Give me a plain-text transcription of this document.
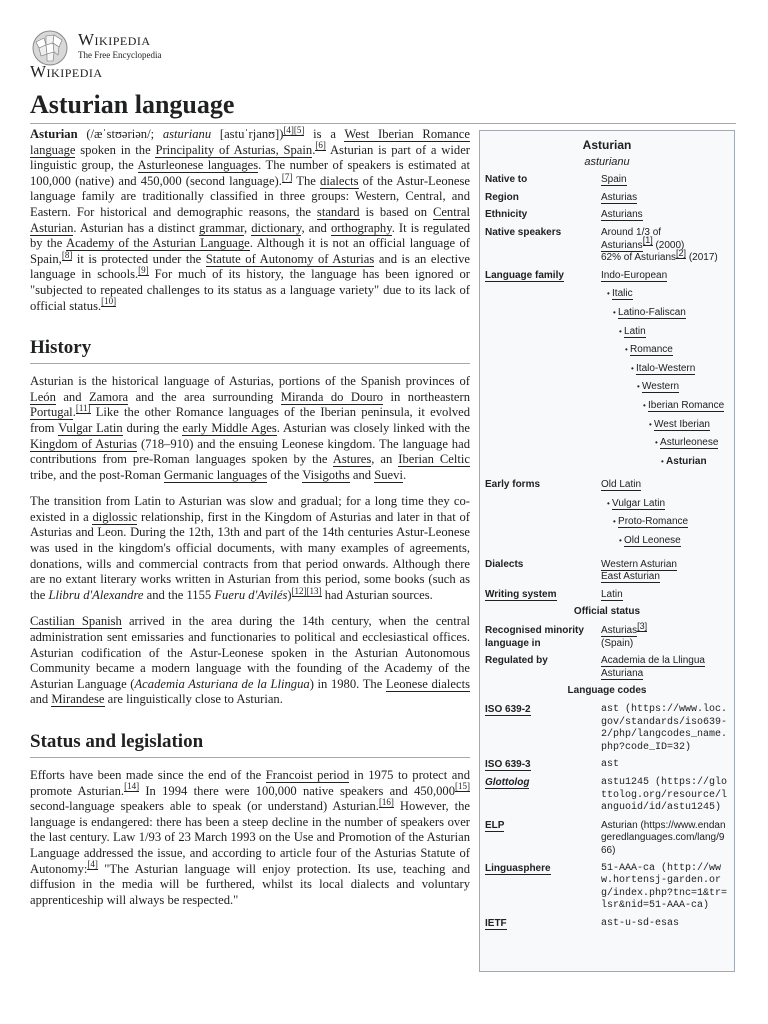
Wikipedia
The Free Encyclopedia
Wikipedia
Asturian language

Asturian (/æˈstʊəriən/; asturianu [astuˈrjanʊ])[4][5] is a West Iberian Romance language spoken in the Principality of Asturias, Spain.[6] Asturian is part of a wider linguistic group, the Asturleonese languages. The number of speakers is estimated at 100,000 (native) and 450,000 (second language).[7] The dialects of the Astur-Leonese language family are traditionally classified in three groups: Western, Central, and Eastern. For historical and demographic reasons, the standard is based on Central Asturian. Asturian has a distinct grammar, dictionary, and orthography. It is regulated by the Academy of the Asturian Language. Although it is not an official language of Spain,[8] it is protected under the Statute of Autonomy of Asturias and is an elective language in schools.[9] For much of its history, the language has been ignored or "subjected to repeated challenges to its status as a language variety" due to its lack of official status.[10]

History

Asturian is the historical language of Asturias, portions of the Spanish provinces of León and Zamora and the area surrounding Miranda do Douro in northeastern Portugal.[11] Like the other Romance languages of the Iberian peninsula, it evolved from Vulgar Latin during the early Middle Ages. Asturian was closely linked with the Kingdom of Asturias (718–910) and the ensuing Leonese kingdom. The language had contributions from pre-Roman languages spoken by the Astures, an Iberian Celtic tribe, and the post-Roman Germanic languages of the Visigoths and Suevi.

The transition from Latin to Asturian was slow and gradual; for a long time they co-existed in a diglossic relationship, first in the Kingdom of Asturias and later in that of Asturias and Leon. During the 12th, 13th and part of the 14th centuries Astur-Leonese was used in the kingdom's official documents, with many examples of agreements, donations, wills and commercial contracts from that period onwards. Although there are no extant literary works written in Asturian from this period, some books (such as the Llibru d'Alexandre and the 1155 Fueru d'Avilés)[12][13] had Asturian sources.

Castilian Spanish arrived in the area during the 14th century, when the central administration sent emissaries and functionaries to political and ecclesiastical offices. Asturian codification of the Astur-Leonese spoken in the Asturian Autonomous Community became a modern language with the founding of the Academy of the Asturian Language (Academia Asturiana de la Llingua) in 1980. The Leonese dialects and Mirandese are linguistically close to Asturian.

Status and legislation

Efforts have been made since the end of the Francoist period in 1975 to protect and promote Asturian.[14] In 1994 there were 100,000 native speakers and 450,000[15] second-language speakers able to speak (or understand) Asturian.[16] However, the language is endangered: there has been a steep decline in the number of speakers over the last century. Law 1/93 of 23 March 1993 on the Use and Promotion of the Asturian Language addressed the issue, and according to article four of the Asturias Statute of Autonomy:[4] "The Asturian language will enjoy protection. Its use, teaching and diffusion in the media will be furthered, whilst its local dialects and voluntary apprenticeship will always be respected."

Asturian
asturianu
Native to	Spain
Region	Asturias
Ethnicity	Asturians
Native speakers	Around 1/3 of
Asturians[1] (2000)
62% of Asturians[2] (2017)
Language family	Indo-European
• Italic
• Latino-Faliscan
• Latin
• Romance
• Italo-Western
• Western
• Iberian Romance
• West Iberian
• Asturleonese
• Asturian
Early forms	Old Latin
• Vulgar Latin
• Proto-Romance
• Old Leonese
Dialects	Western Asturian
East Asturian
Writing system	Latin
Official status
Recognised minority language in
Asturias[3]
(Spain)
Regulated by	Academia de la Llingua Asturiana
Language codes
ISO 639-2	ast (https://www.loc.gov/standards/iso639-2/php/langcodes_name.php?code_ID=32)
ISO 639-3	ast
Glottolog	astu1245 (https://glottolog.org/resource/languoid/id/astu1245)
ELP	Asturian (https://www.endangeredlanguages.com/lang/966)
Linguasphere	51-AAA-ca (http://www.hortensj-garden.org/index.php?tnc=1&tr=lsr&nid=51-AAA-ca)
IETF	ast-u-sd-esas
